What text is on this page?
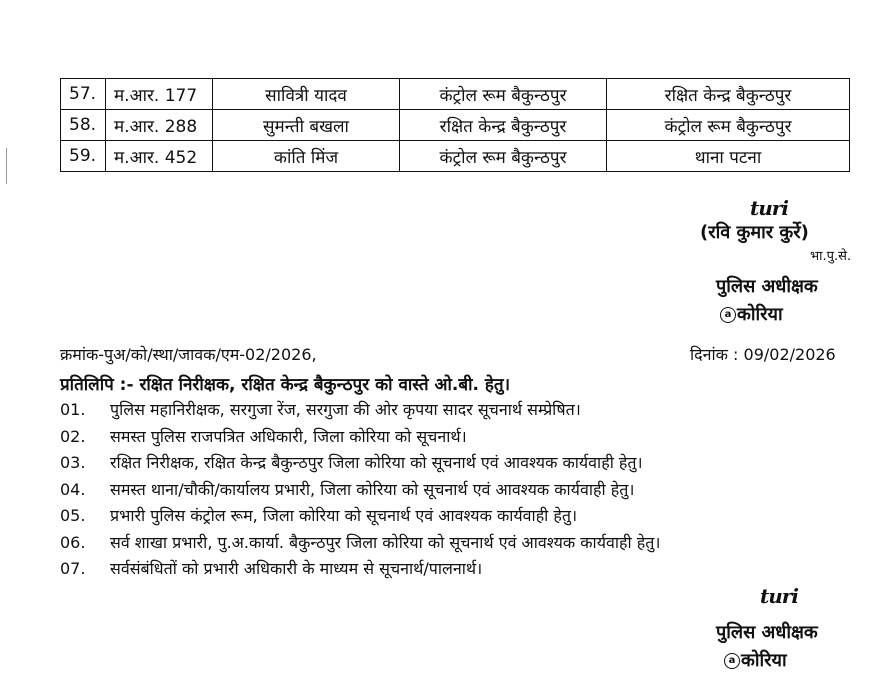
57.	म.आर. 177	सावित्री यादव	कंट्रोल रूम बैकुन्ठपुर	रक्षित केन्द्र बैकुन्ठपुर
58.	म.आर. 288	सुमन्ती बखला	रक्षित केन्द्र बैकुन्ठपुर	कंट्रोल रूम बैकुन्ठपुर
59.	म.आर. 452	कांति मिंज	कंट्रोल रूम बैकुन्ठपुर	थाना पटना
turi
(रवि कुमार कुर्रे)
भा.पु.से.
पुलिस अधीक्षक
a कोरिया
क्रमांक-पुअ/को/स्था/जावक/एम-02/2026,	दिनांक : 09/02/2026
प्रतिलिपि :- रक्षित निरीक्षक, रक्षित केन्द्र बैकुन्ठपुर को वास्ते ओ.बी. हेतु।
01. पुलिस महानिरीक्षक, सरगुजा रेंज, सरगुजा की ओर कृपया सादर सूचनार्थ सम्प्रेषित।
02. समस्त पुलिस राजपत्रित अधिकारी, जिला कोरिया को सूचनार्थ।
03. रक्षित निरीक्षक, रक्षित केन्द्र बैकुन्ठपुर जिला कोरिया को सूचनार्थ एवं आवश्यक कार्यवाही हेतु।
04. समस्त थाना/चौकी/कार्यालय प्रभारी, जिला कोरिया को सूचनार्थ एवं आवश्यक कार्यवाही हेतु।
05. प्रभारी पुलिस कंट्रोल रूम, जिला कोरिया को सूचनार्थ एवं आवश्यक कार्यवाही हेतु।
06. सर्व शाखा प्रभारी, पु.अ.कार्या. बैकुन्ठपुर जिला कोरिया को सूचनार्थ एवं आवश्यक कार्यवाही हेतु।
07. सर्वसंबंधितों को प्रभारी अधिकारी के माध्यम से सूचनार्थ/पालनार्थ।
turi
पुलिस अधीक्षक
a कोरिया
